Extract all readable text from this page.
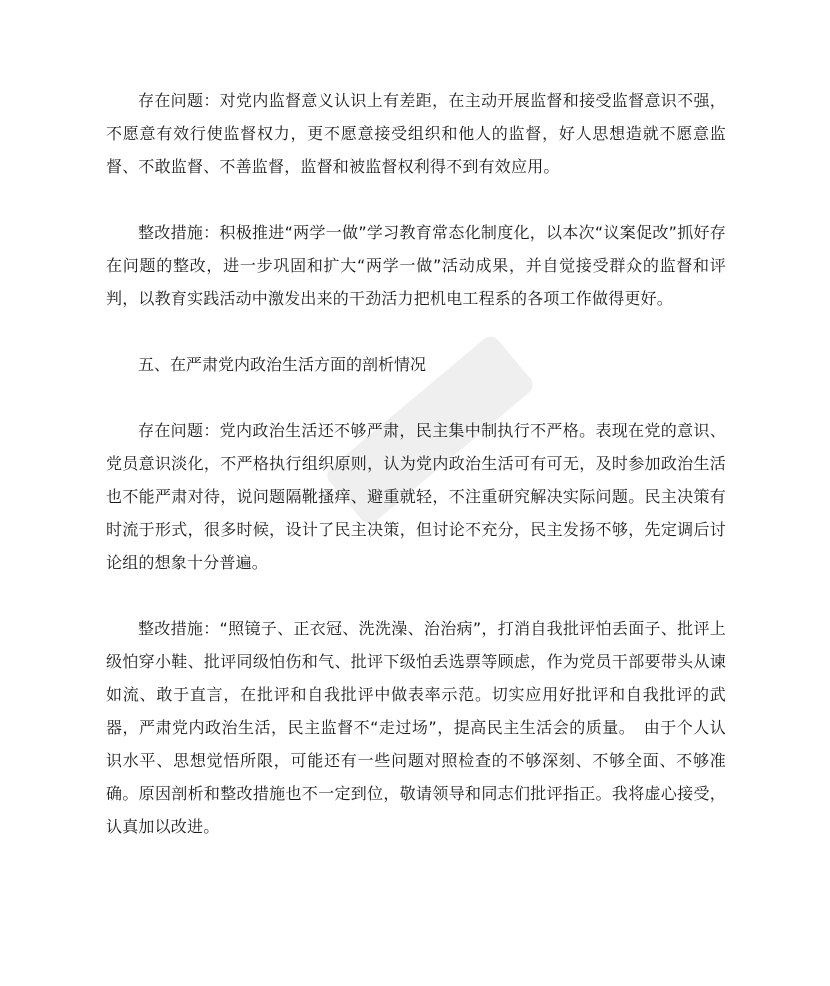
存在问题：对党内监督意义认识上有差距，在主动开展监督和接受监督意识不强，不愿意有效行使监督权力，更不愿意接受组织和他人的监督，好人思想造就不愿意监督、不敢监督、不善监督，监督和被监督权利得不到有效应用。

整改措施：积极推进“两学一做”学习教育常态化制度化，以本次“议案促改”抓好存在问题的整改，进一步巩固和扩大“两学一做”活动成果，并自觉接受群众的监督和评判，以教育实践活动中激发出来的干劲活力把机电工程系的各项工作做得更好。

五、在严肃党内政治生活方面的剖析情况

存在问题：党内政治生活还不够严肃，民主集中制执行不严格。表现在党的意识、党员意识淡化，不严格执行组织原则，认为党内政治生活可有可无，及时参加政治生活也不能严肃对待，说问题隔靴搔痒、避重就轻，不注重研究解决实际问题。民主决策有时流于形式，很多时候，设计了民主决策，但讨论不充分，民主发扬不够，先定调后讨论组的想象十分普遍。

整改措施：“照镜子、正衣冠、洗洗澡、治治病”，打消自我批评怕丢面子、批评上级怕穿小鞋、批评同级怕伤和气、批评下级怕丢选票等顾虑，作为党员干部要带头从谏如流、敢于直言，在批评和自我批评中做表率示范。切实应用好批评和自我批评的武器，严肃党内政治生活，民主监督不“走过场”，提高民主生活会的质量。　由于个人认识水平、思想觉悟所限，可能还有一些问题对照检查的不够深刻、不够全面、不够准确。原因剖析和整改措施也不一定到位，敬请领导和同志们批评指正。我将虚心接受，认真加以改进。
